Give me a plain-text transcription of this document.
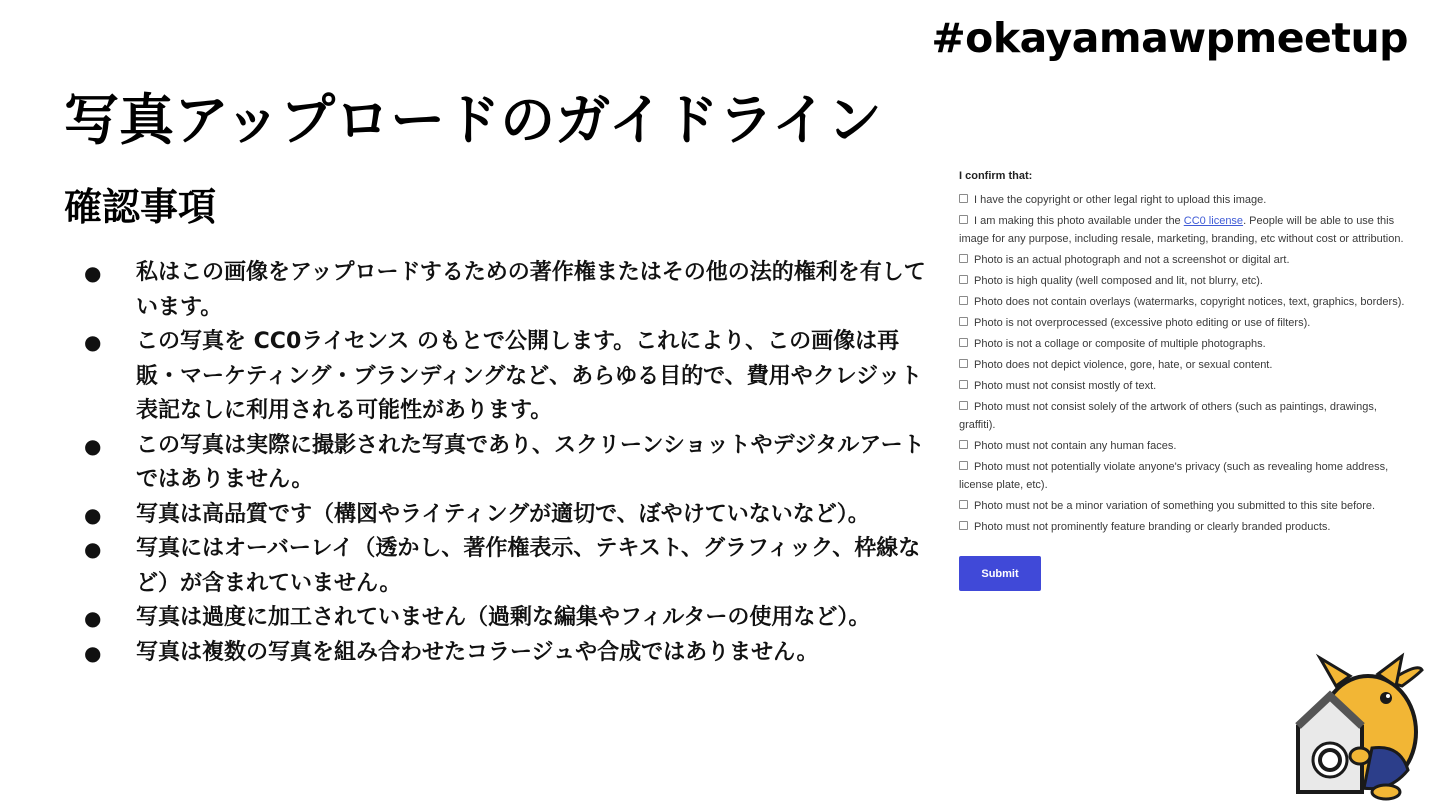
#okayamawpmeetup
写真アップロードのガイドライン
確認事項
● 私はこの画像をアップロードするための著作権またはその他の法的権利を有しています。
● この写真を CC0ライセンス のもとで公開します。これにより、この画像は再販・マーケティング・ブランディングなど、あらゆる目的で、費用やクレジット表記なしに利用される可能性があります。
● この写真は実際に撮影された写真であり、スクリーンショットやデジタルアートではありません。
● 写真は高品質です（構図やライティングが適切で、ぼやけていないなど）。
● 写真にはオーバーレイ（透かし、著作権表示、テキスト、グラフィック、枠線など）が含まれていません。
● 写真は過度に加工されていません（過剰な編集やフィルターの使用など）。
● 写真は複数の写真を組み合わせたコラージュや合成ではありません。
I confirm that:
I have the copyright or other legal right to upload this image.
I am making this photo available under the CC0 license. People will be able to use this image for any purpose, including resale, marketing, branding, etc without cost or attribution.
Photo is an actual photograph and not a screenshot or digital art.
Photo is high quality (well composed and lit, not blurry, etc).
Photo does not contain overlays (watermarks, copyright notices, text, graphics, borders).
Photo is not overprocessed (excessive photo editing or use of filters).
Photo is not a collage or composite of multiple photographs.
Photo does not depict violence, gore, hate, or sexual content.
Photo must not consist mostly of text.
Photo must not consist solely of the artwork of others (such as paintings, drawings, graffiti).
Photo must not contain any human faces.
Photo must not potentially violate anyone's privacy (such as revealing home address, license plate, etc).
Photo must not be a minor variation of something you submitted to this site before.
Photo must not prominently feature branding or clearly branded products.
Submit
